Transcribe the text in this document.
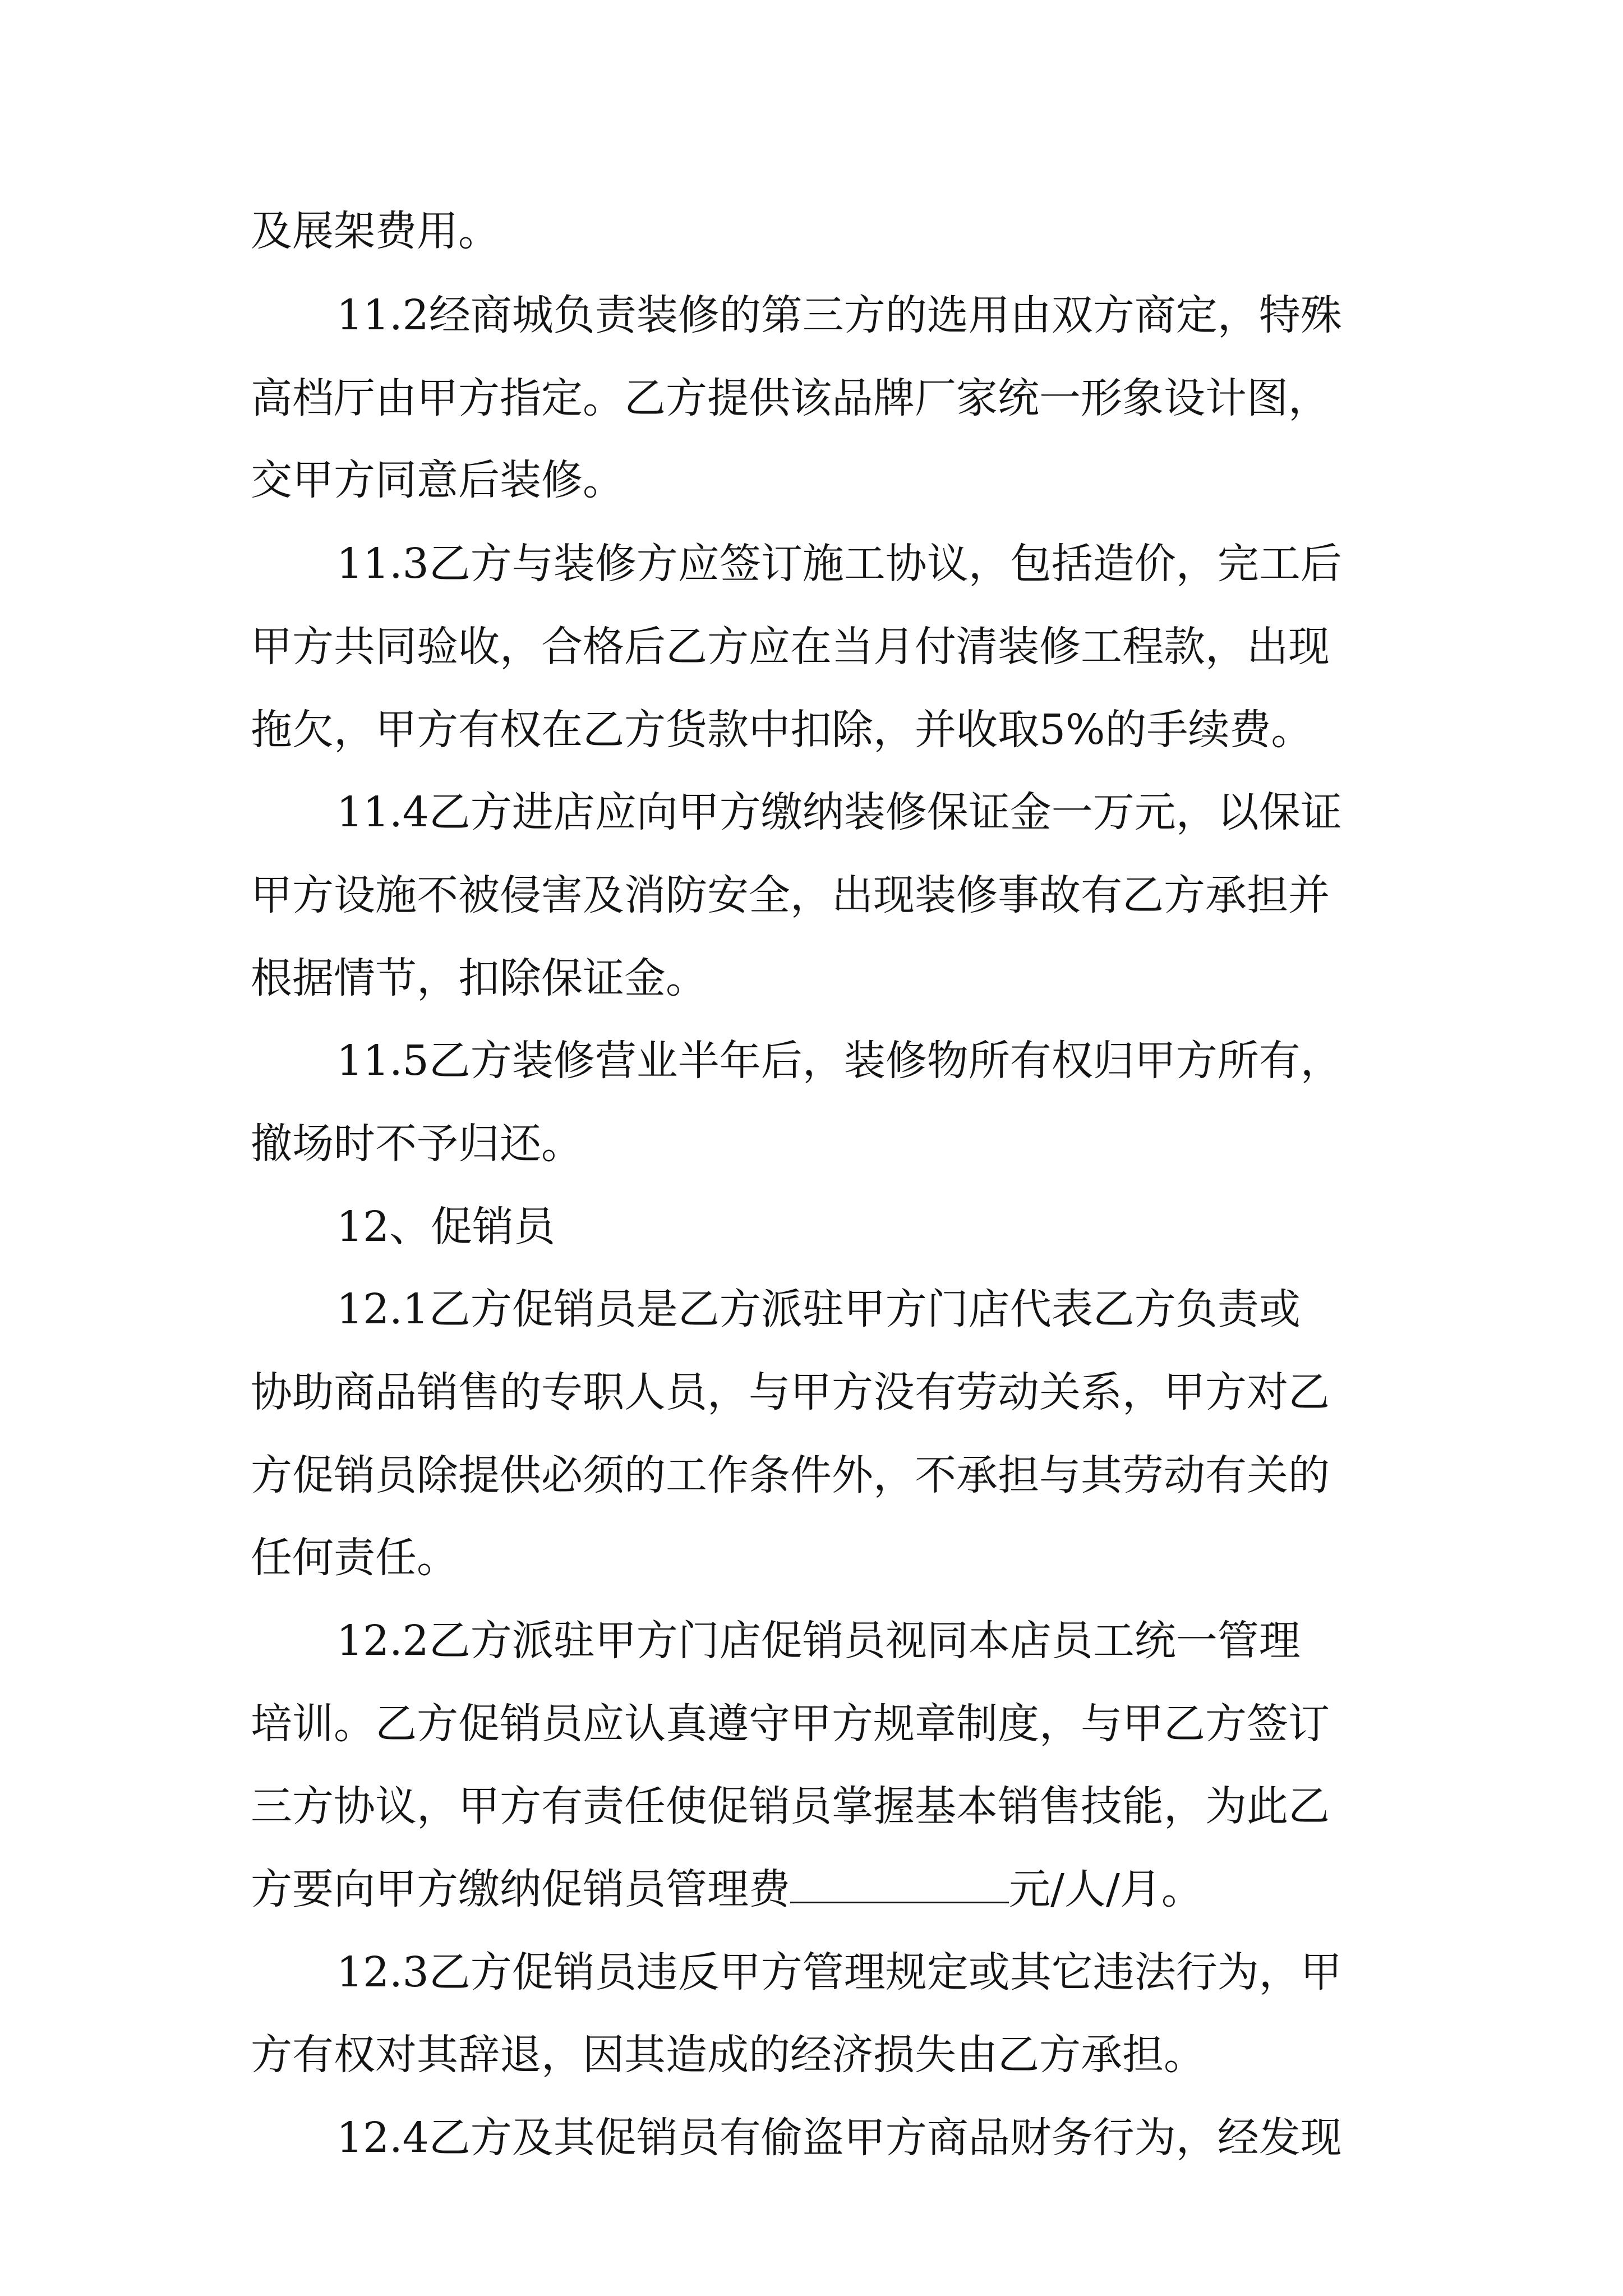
及展架费用。
11.2经商城负责装修的第三方的选用由双方商定，特殊
高档厅由甲方指定。乙方提供该品牌厂家统一形象设计图，
交甲方同意后装修。
11.3乙方与装修方应签订施工协议，包括造价，完工后
甲方共同验收，合格后乙方应在当月付清装修工程款，出现
拖欠，甲方有权在乙方货款中扣除，并收取5%的手续费。
11.4乙方进店应向甲方缴纳装修保证金一万元，以保证
甲方设施不被侵害及消防安全，出现装修事故有乙方承担并
根据情节，扣除保证金。
11.5乙方装修营业半年后，装修物所有权归甲方所有，
撤场时不予归还。
12、促销员
12.1乙方促销员是乙方派驻甲方门店代表乙方负责或
协助商品销售的专职人员，与甲方没有劳动关系，甲方对乙
方促销员除提供必须的工作条件外，不承担与其劳动有关的
任何责任。
12.2乙方派驻甲方门店促销员视同本店员工统一管理
培训。乙方促销员应认真遵守甲方规章制度，与甲乙方签订
三方协议，甲方有责任使促销员掌握基本销售技能，为此乙
方要向甲方缴纳促销员管理费	元/人/月。
12.3乙方促销员违反甲方管理规定或其它违法行为，甲
方有权对其辞退，因其造成的经济损失由乙方承担。
12.4乙方及其促销员有偷盗甲方商品财务行为，经发现
